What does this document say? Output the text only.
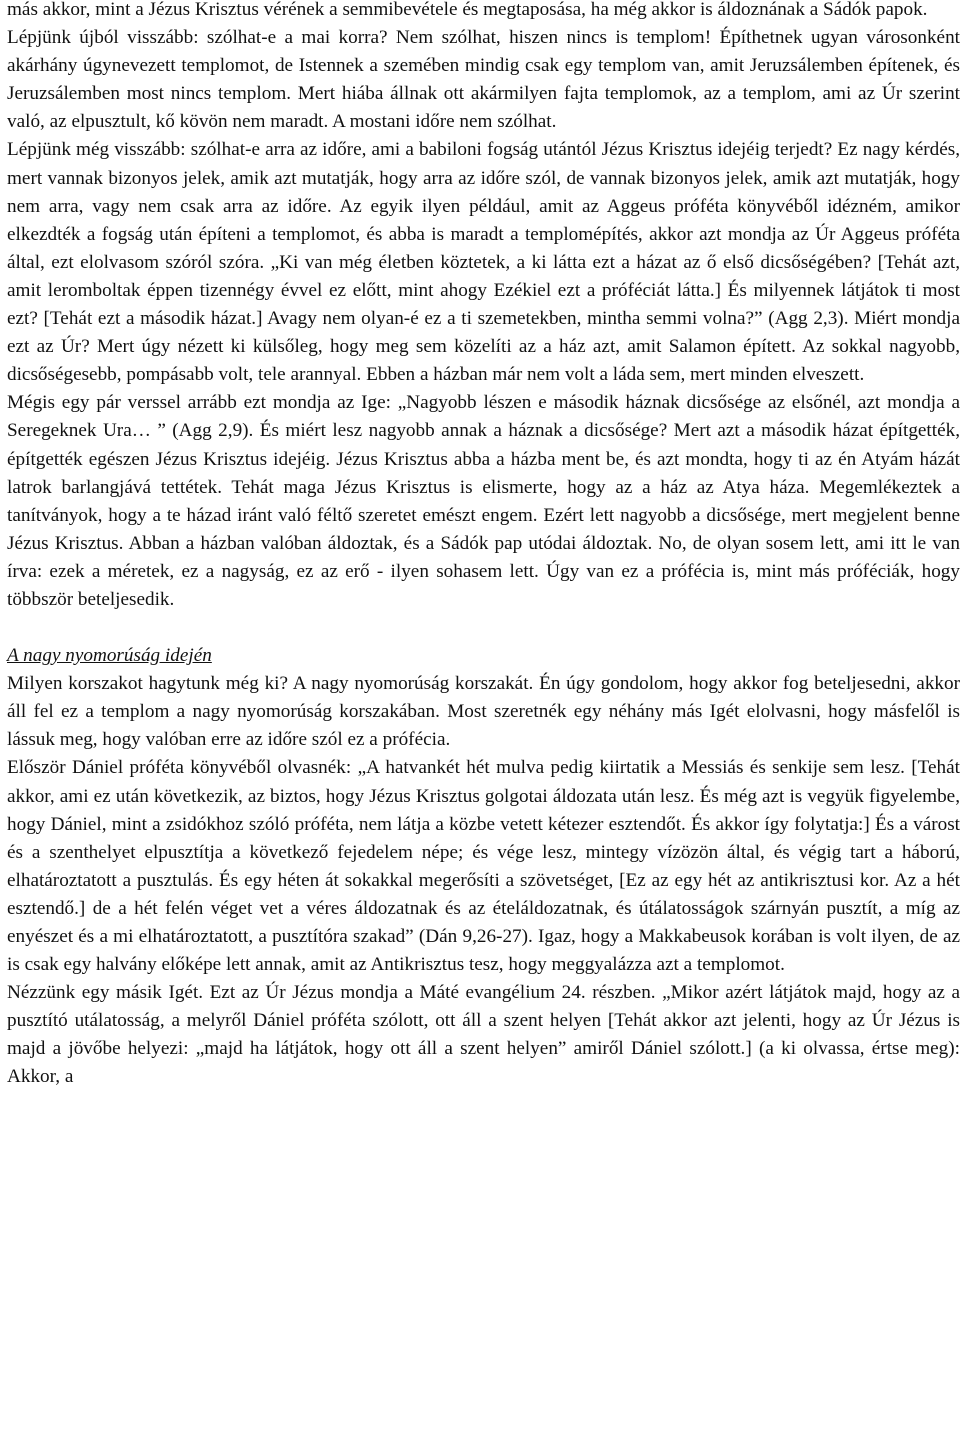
más akkor, mint a Jézus Krisztus vérének a semmibevétele és megtaposása, ha még akkor is áldoznának a Sádók papok.

Lépjünk újból visszább: szólhat-e a mai korra? Nem szólhat, hiszen nincs is templom! Építhetnek ugyan városonként akárhány úgynevezett templomot, de Istennek a szemében mindig csak egy templom van, amit Jeruzsálemben építenek, és Jeruzsálemben most nincs templom. Mert hiába állnak ott akármilyen fajta templomok, az a templom, ami az Úr szerint való, az elpusztult, kő kövön nem maradt. A mostani időre nem szólhat.

Lépjünk még visszább: szólhat-e arra az időre, ami a babiloni fogság utántól Jézus Krisztus idejéig terjedt? Ez nagy kérdés, mert vannak bizonyos jelek, amik azt mutatják, hogy arra az időre szól, de vannak bizonyos jelek, amik azt mutatják, hogy nem arra, vagy nem csak arra az időre. Az egyik ilyen például, amit az Aggeus próféta könyvéből idézném, amikor elkezdték a fogság után építeni a templomot, és abba is maradt a templomépítés, akkor azt mondja az Úr Aggeus próféta által, ezt elolvasom szóról szóra. „Ki van még életben köztetek, a ki látta ezt a házat az ő első dicsőségében? [Tehát azt, amit leromboltak éppen tizennégy évvel ez előtt, mint ahogy Ezékiel ezt a próféciát látta.] És milyennek látjátok ti most ezt? [Tehát ezt a második házat.] Avagy nem olyan-é ez a ti szemetekben, mintha semmi volna?” (Agg 2,3). Miért mondja ezt az Úr? Mert úgy nézett ki külsőleg, hogy meg sem közelíti az a ház azt, amit Salamon épített. Az sokkal nagyobb, dicsőségesebb, pompásabb volt, tele arannyal. Ebben a házban már nem volt a láda sem, mert minden elveszett.

Mégis egy pár verssel arrább ezt mondja az Ige: „Nagyobb lészen e második háznak dicsősége az elsőnél, azt mondja a Seregeknek Ura… ” (Agg 2,9). És miért lesz nagyobb annak a háznak a dicsősége? Mert azt a második házat építgették, építgették egészen Jézus Krisztus idejéig. Jézus Krisztus abba a házba ment be, és azt mondta, hogy ti az én Atyám házát latrok barlangjává tettétek. Tehát maga Jézus Krisztus is elismerte, hogy az a ház az Atya háza. Megemlékeztek a tanítványok, hogy a te házad iránt való féltő szeretet emészt engem. Ezért lett nagyobb a dicsősége, mert megjelent benne Jézus Krisztus. Abban a házban valóban áldoztak, és a Sádók pap utódai áldoztak. No, de olyan sosem lett, ami itt le van írva: ezek a méretek, ez a nagyság, ez az erő - ilyen sohasem lett. Úgy van ez a prófécia is, mint más próféciák, hogy többször beteljesedik.

A nagy nyomorúság idején

Milyen korszakot hagytunk még ki? A nagy nyomorúság korszakát. Én úgy gondolom, hogy akkor fog beteljesedni, akkor áll fel ez a templom a nagy nyomorúság korszakában. Most szeretnék egy néhány más Igét elolvasni, hogy másfelől is lássuk meg, hogy valóban erre az időre szól ez a prófécia.

Először Dániel próféta könyvéből olvasnék: „A hatvankét hét mulva pedig kiirtatik a Messiás és senkije sem lesz. [Tehát akkor, ami ez után következik, az biztos, hogy Jézus Krisztus golgotai áldozata után lesz. És még azt is vegyük figyelembe, hogy Dániel, mint a zsidókhoz szóló próféta, nem látja a közbe vetett kétezer esztendőt. És akkor így folytatja:] És a várost és a szenthelyet elpusztítja a következő fejedelem népe; és vége lesz, mintegy vízözön által, és végig tart a háború, elhatároztatott a pusztulás. És egy héten át sokakkal megerősíti a szövetséget, [Ez az egy hét az antikrisztusi kor. Az a hét esztendő.] de a hét felén véget vet a véres áldozatnak és az ételáldozatnak, és útálatosságok szárnyán pusztít, a míg az enyészet és a mi elhatároztatott, a pusztítóra szakad” (Dán 9,26-27). Igaz, hogy a Makkabeusok korában is volt ilyen, de az is csak egy halvány előképe lett annak, amit az Antikrisztus tesz, hogy meggyalázza azt a templomot.

Nézzünk egy másik Igét. Ezt az Úr Jézus mondja a Máté evangélium 24. részben. „Mikor azért látjátok majd, hogy az a pusztító utálatosság, a melyről Dániel próféta szólott, ott áll a szent helyen [Tehát akkor azt jelenti, hogy az Úr Jézus is majd a jövőbe helyezi: „majd ha látjátok, hogy ott áll a szent helyen” amiről Dániel szólott.] (a ki olvassa, értse meg): Akkor, a
